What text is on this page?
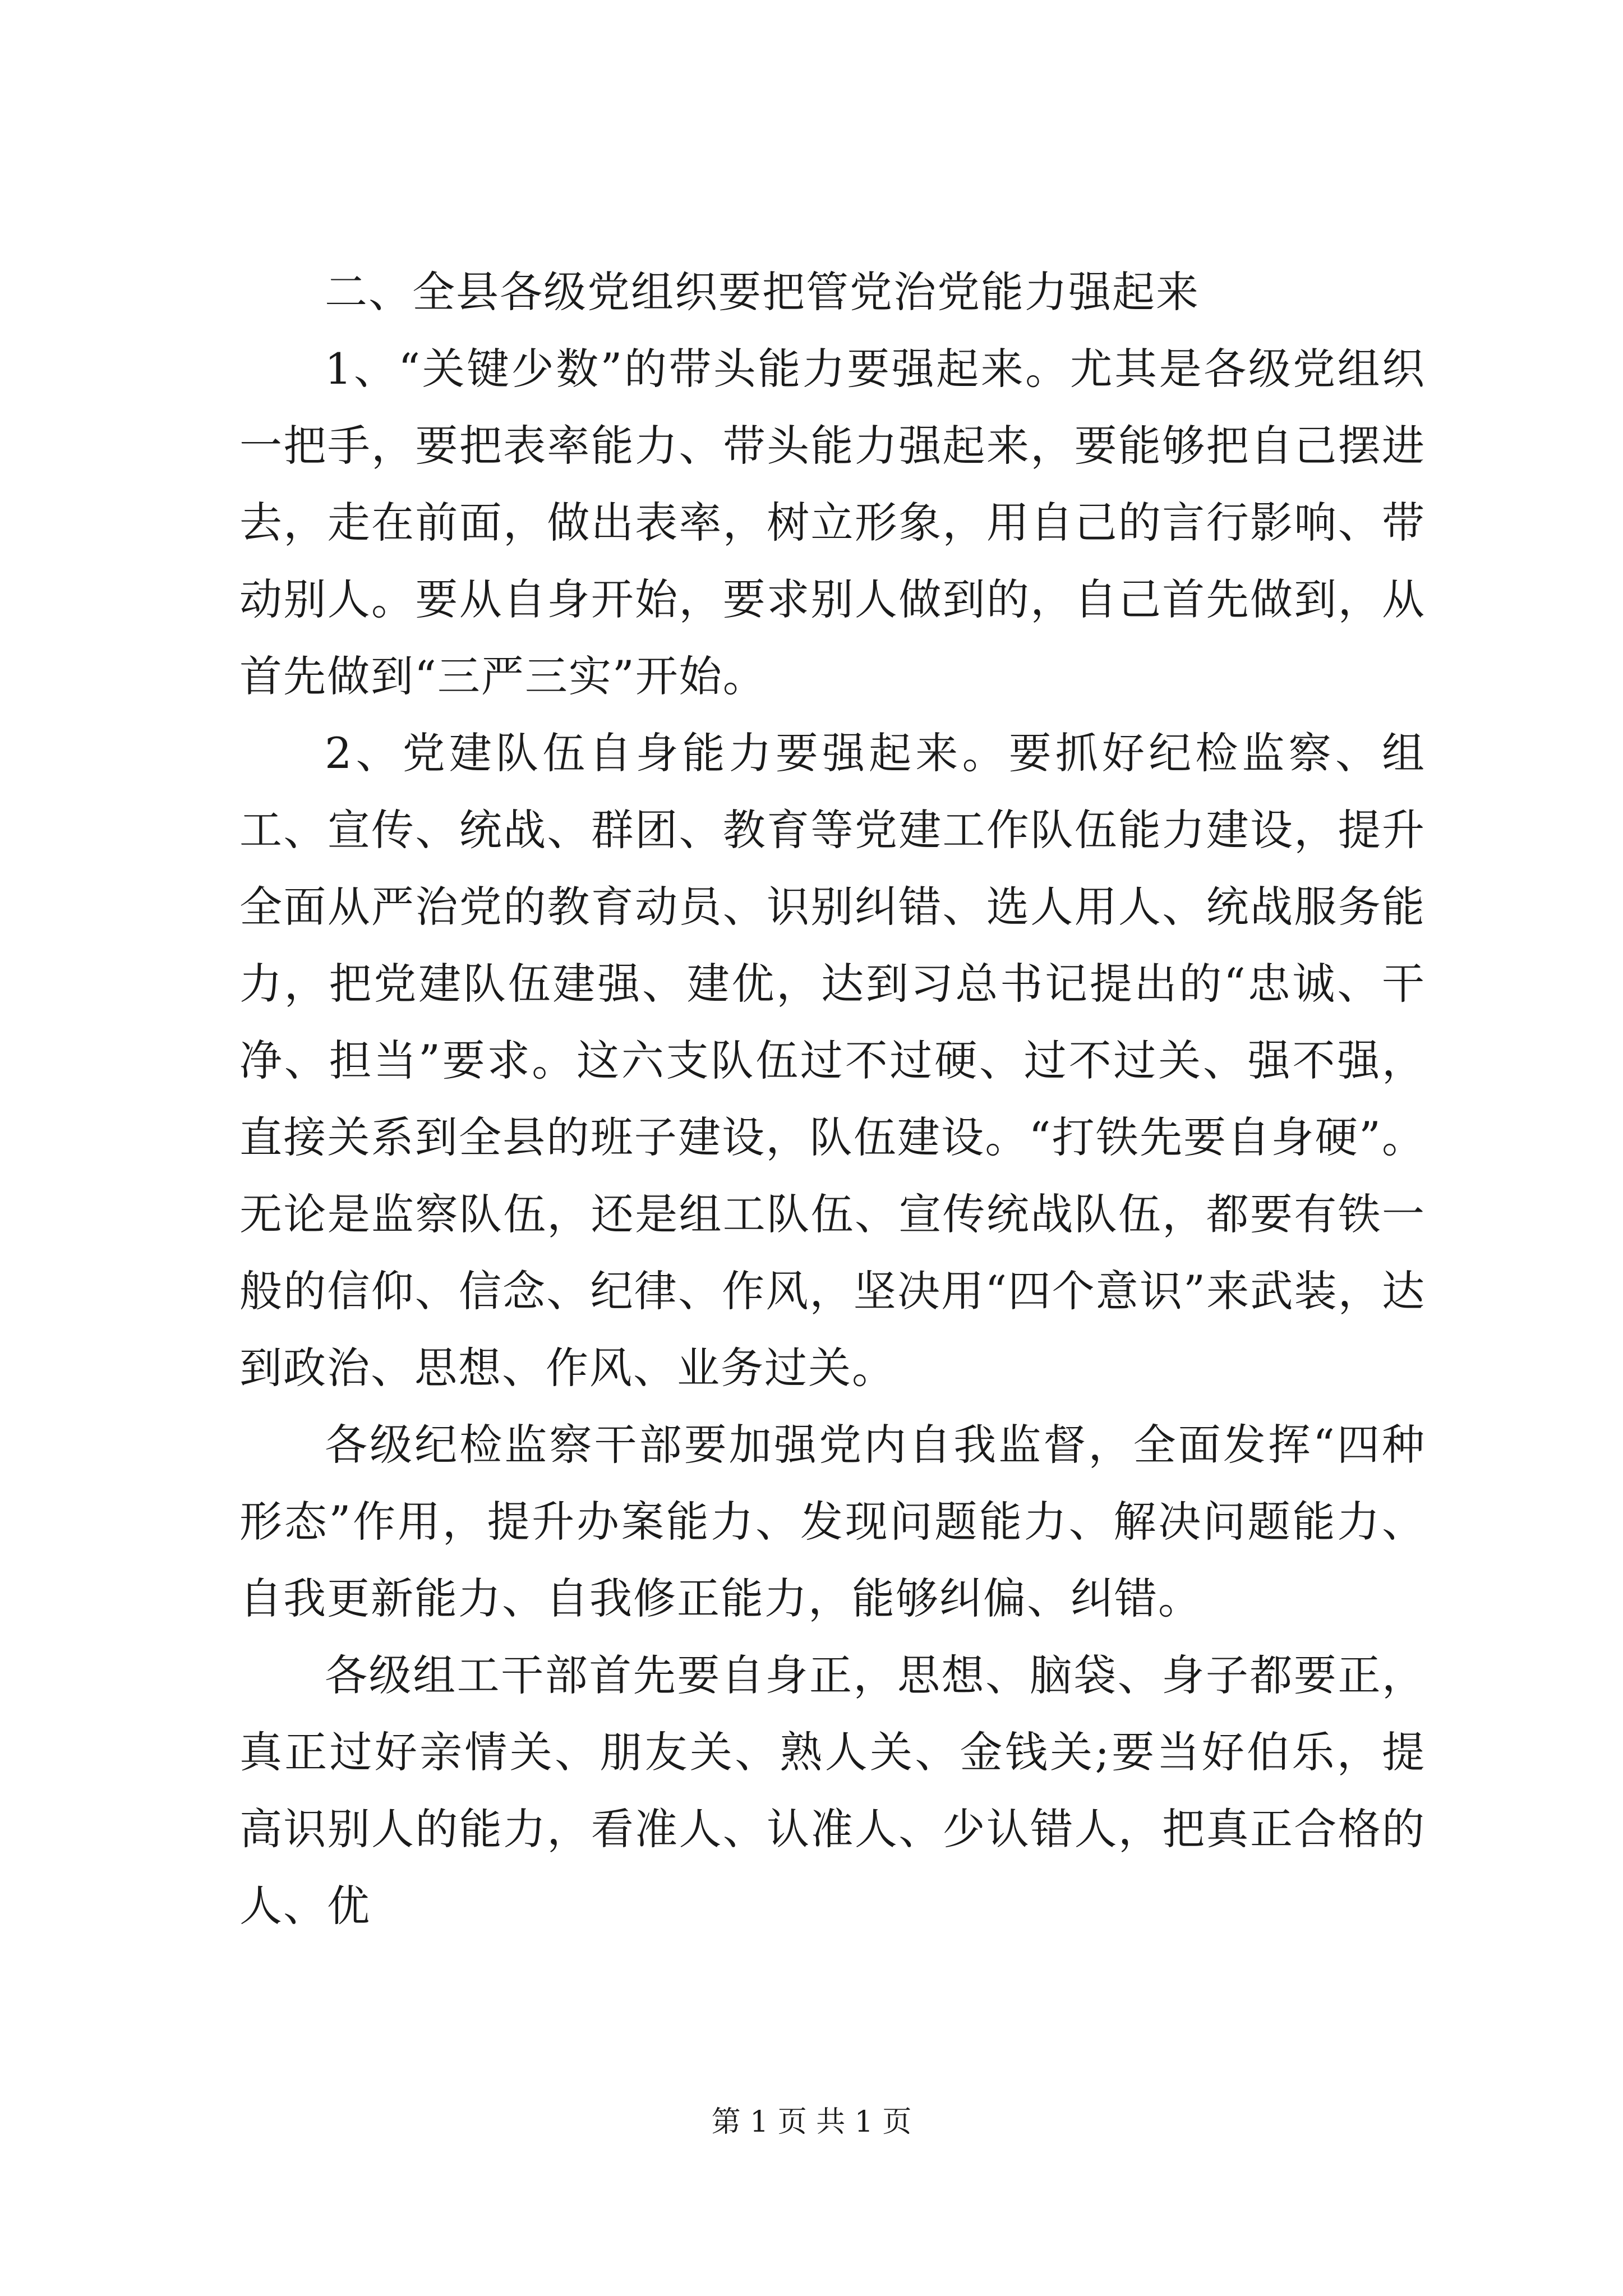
二、全县各级党组织要把管党治党能力强起来

1、“关键少数”的带头能力要强起来。尤其是各级党组织一把手，要把表率能力、带头能力强起来，要能够把自己摆进去，走在前面，做出表率，树立形象，用自己的言行影响、带动别人。要从自身开始，要求别人做到的，自己首先做到，从首先做到“三严三实”开始。

2、党建队伍自身能力要强起来。要抓好纪检监察、组工、宣传、统战、群团、教育等党建工作队伍能力建设，提升全面从严治党的教育动员、识别纠错、选人用人、统战服务能力，把党建队伍建强、建优，达到习总书记提出的“忠诚、干净、担当”要求。这六支队伍过不过硬、过不过关、强不强，直接关系到全县的班子建设，队伍建设。“打铁先要自身硬”。无论是监察队伍，还是组工队伍、宣传统战队伍，都要有铁一般的信仰、信念、纪律、作风，坚决用“四个意识”来武装，达到政治、思想、作风、业务过关。

各级纪检监察干部要加强党内自我监督，全面发挥“四种形态”作用，提升办案能力、发现问题能力、解决问题能力、自我更新能力、自我修正能力，能够纠偏、纠错。

各级组工干部首先要自身正，思想、脑袋、身子都要正，真正过好亲情关、朋友关、熟人关、金钱关;要当好伯乐，提高识别人的能力，看准人、认准人、少认错人，把真正合格的人、优

第 1 页 共 1 页
